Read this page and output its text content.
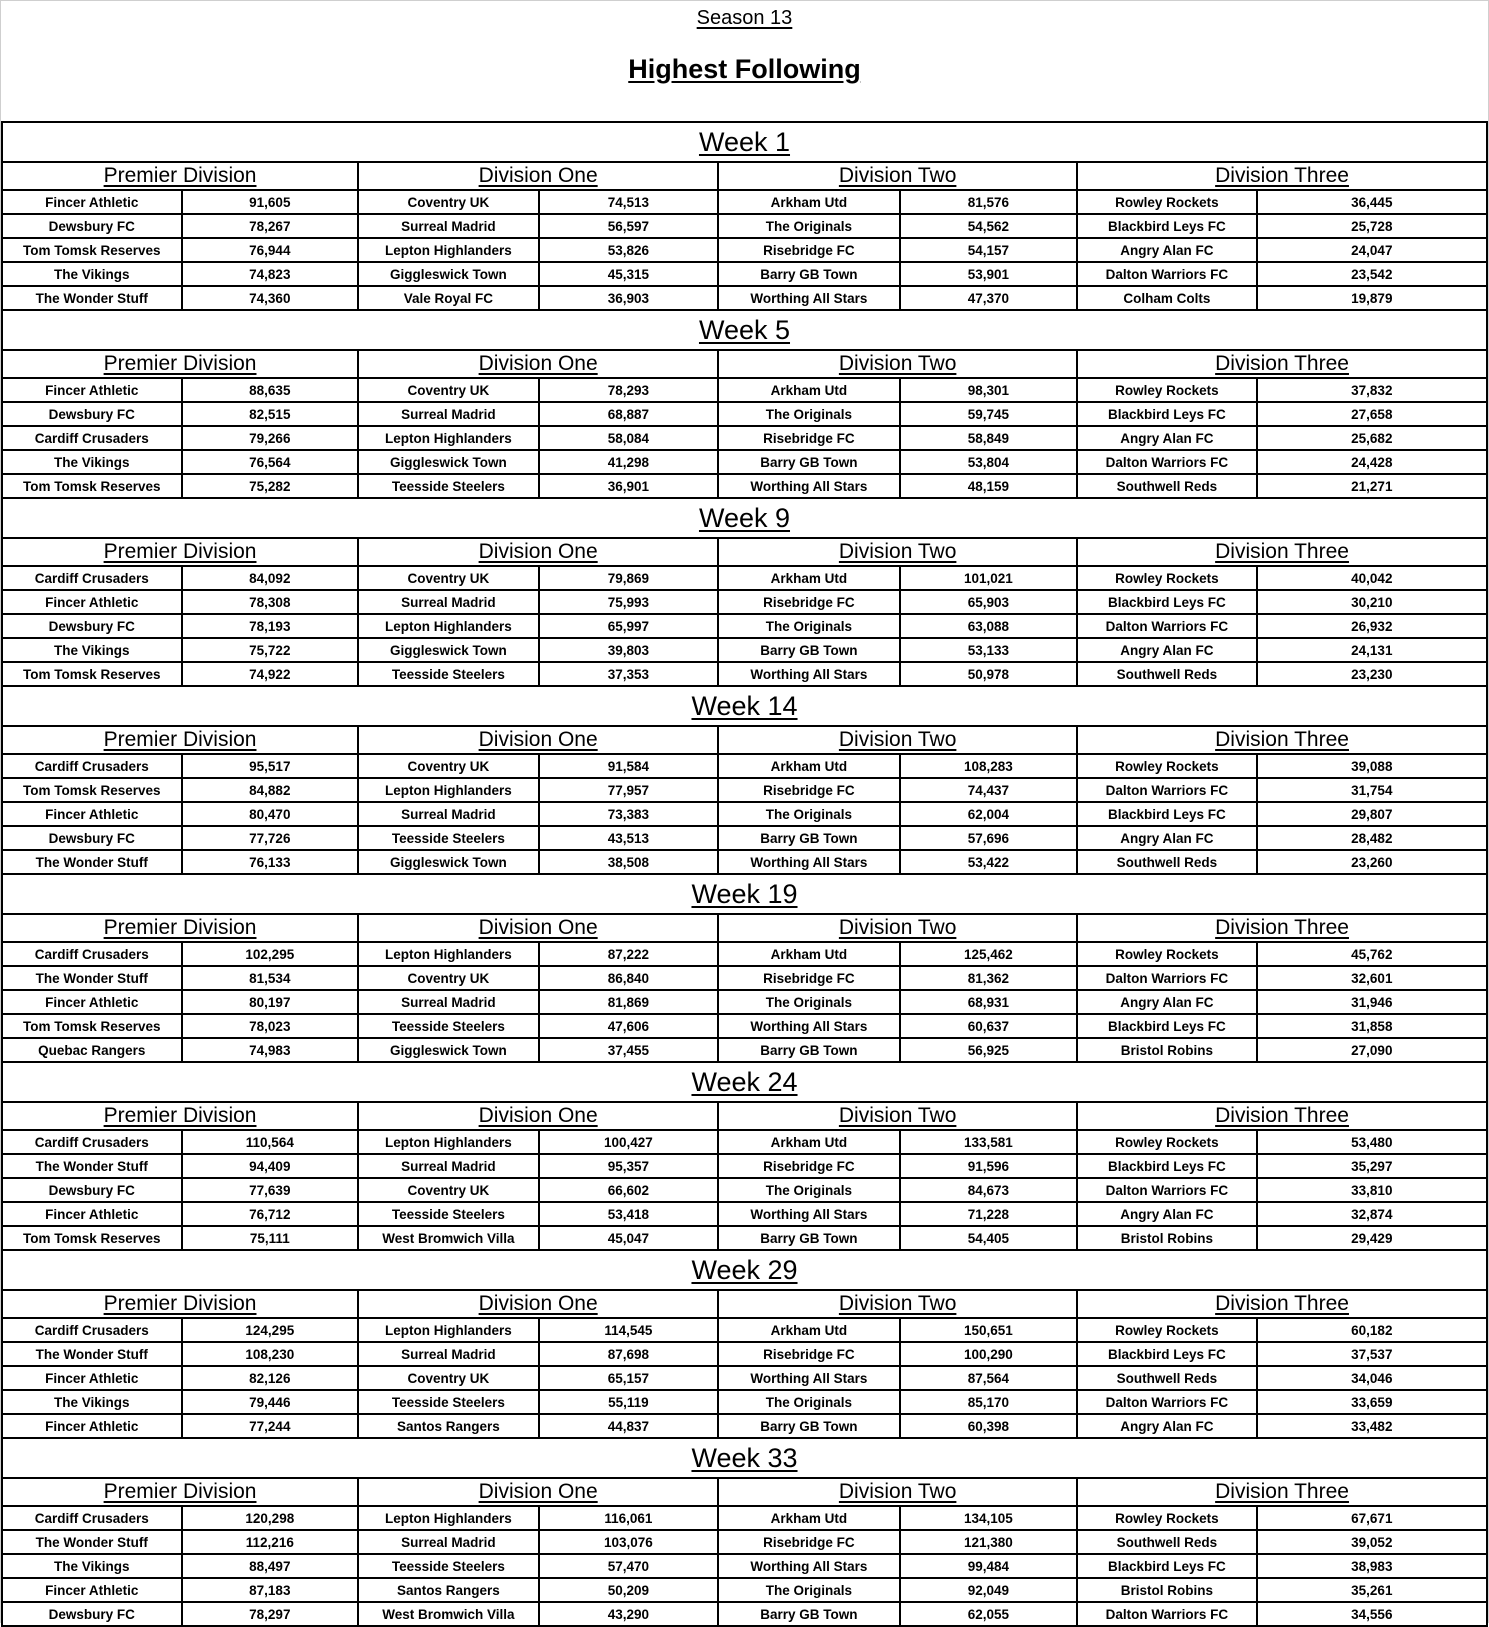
Season 13
Highest Following
Week 1
Premier Division		Division One		Division Two		Division Three	
Fincer Athletic	91,605	Coventry UK	74,513	Arkham Utd	81,576	Rowley Rockets	36,445
Dewsbury FC	78,267	Surreal Madrid	56,597	The Originals	54,562	Blackbird Leys FC	25,728
Tom Tomsk Reserves	76,944	Lepton Highlanders	53,826	Risebridge FC	54,157	Angry Alan FC	24,047
The Vikings	74,823	Giggleswick Town	45,315	Barry GB Town	53,901	Dalton Warriors FC	23,542
The Wonder Stuff	74,360	Vale Royal FC	36,903	Worthing All Stars	47,370	Colham Colts	19,879
Week 5
Premier Division		Division One		Division Two		Division Three	
Fincer Athletic	88,635	Coventry UK	78,293	Arkham Utd	98,301	Rowley Rockets	37,832
Dewsbury FC	82,515	Surreal Madrid	68,887	The Originals	59,745	Blackbird Leys FC	27,658
Cardiff Crusaders	79,266	Lepton Highlanders	58,084	Risebridge FC	58,849	Angry Alan FC	25,682
The Vikings	76,564	Giggleswick Town	41,298	Barry GB Town	53,804	Dalton Warriors FC	24,428
Tom Tomsk Reserves	75,282	Teesside Steelers	36,901	Worthing All Stars	48,159	Southwell Reds	21,271
Week 9
Premier Division		Division One		Division Two		Division Three	
Cardiff Crusaders	84,092	Coventry UK	79,869	Arkham Utd	101,021	Rowley Rockets	40,042
Fincer Athletic	78,308	Surreal Madrid	75,993	Risebridge FC	65,903	Blackbird Leys FC	30,210
Dewsbury FC	78,193	Lepton Highlanders	65,997	The Originals	63,088	Dalton Warriors FC	26,932
The Vikings	75,722	Giggleswick Town	39,803	Barry GB Town	53,133	Angry Alan FC	24,131
Tom Tomsk Reserves	74,922	Teesside Steelers	37,353	Worthing All Stars	50,978	Southwell Reds	23,230
Week 14
Premier Division		Division One		Division Two		Division Three	
Cardiff Crusaders	95,517	Coventry UK	91,584	Arkham Utd	108,283	Rowley Rockets	39,088
Tom Tomsk Reserves	84,882	Lepton Highlanders	77,957	Risebridge FC	74,437	Dalton Warriors FC	31,754
Fincer Athletic	80,470	Surreal Madrid	73,383	The Originals	62,004	Blackbird Leys FC	29,807
Dewsbury FC	77,726	Teesside Steelers	43,513	Barry GB Town	57,696	Angry Alan FC	28,482
The Wonder Stuff	76,133	Giggleswick Town	38,508	Worthing All Stars	53,422	Southwell Reds	23,260
Week 19
Premier Division		Division One		Division Two		Division Three	
Cardiff Crusaders	102,295	Lepton Highlanders	87,222	Arkham Utd	125,462	Rowley Rockets	45,762
The Wonder Stuff	81,534	Coventry UK	86,840	Risebridge FC	81,362	Dalton Warriors FC	32,601
Fincer Athletic	80,197	Surreal Madrid	81,869	The Originals	68,931	Angry Alan FC	31,946
Tom Tomsk Reserves	78,023	Teesside Steelers	47,606	Worthing All Stars	60,637	Blackbird Leys FC	31,858
Quebac Rangers	74,983	Giggleswick Town	37,455	Barry GB Town	56,925	Bristol Robins	27,090
Week 24
Premier Division		Division One		Division Two		Division Three	
Cardiff Crusaders	110,564	Lepton Highlanders	100,427	Arkham Utd	133,581	Rowley Rockets	53,480
The Wonder Stuff	94,409	Surreal Madrid	95,357	Risebridge FC	91,596	Blackbird Leys FC	35,297
Dewsbury FC	77,639	Coventry UK	66,602	The Originals	84,673	Dalton Warriors FC	33,810
Fincer Athletic	76,712	Teesside Steelers	53,418	Worthing All Stars	71,228	Angry Alan FC	32,874
Tom Tomsk Reserves	75,111	West Bromwich Villa	45,047	Barry GB Town	54,405	Bristol Robins	29,429
Week 29
Premier Division		Division One		Division Two		Division Three	
Cardiff Crusaders	124,295	Lepton Highlanders	114,545	Arkham Utd	150,651	Rowley Rockets	60,182
The Wonder Stuff	108,230	Surreal Madrid	87,698	Risebridge FC	100,290	Blackbird Leys FC	37,537
Fincer Athletic	82,126	Coventry UK	65,157	Worthing All Stars	87,564	Southwell Reds	34,046
The Vikings	79,446	Teesside Steelers	55,119	The Originals	85,170	Dalton Warriors FC	33,659
Fincer Athletic	77,244	Santos Rangers	44,837	Barry GB Town	60,398	Angry Alan FC	33,482
Week 33
Premier Division		Division One		Division Two		Division Three	
Cardiff Crusaders	120,298	Lepton Highlanders	116,061	Arkham Utd	134,105	Rowley Rockets	67,671
The Wonder Stuff	112,216	Surreal Madrid	103,076	Risebridge FC	121,380	Southwell Reds	39,052
The Vikings	88,497	Teesside Steelers	57,470	Worthing All Stars	99,484	Blackbird Leys FC	38,983
Fincer Athletic	87,183	Santos Rangers	50,209	The Originals	92,049	Bristol Robins	35,261
Dewsbury FC	78,297	West Bromwich Villa	43,290	Barry GB Town	62,055	Dalton Warriors FC	34,556
